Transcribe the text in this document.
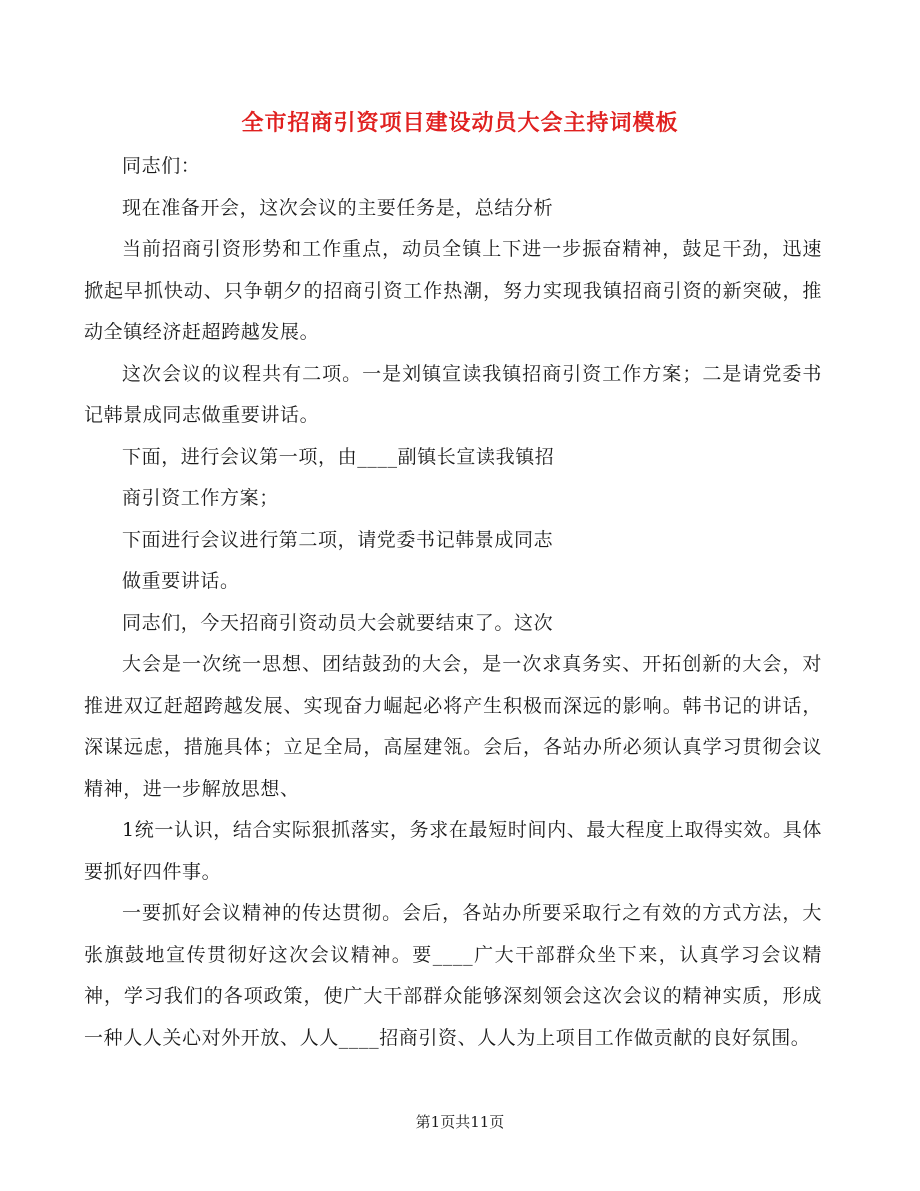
全市招商引资项目建设动员大会主持词模板

同志们：

现在准备开会，这次会议的主要任务是，总结分析

当前招商引资形势和工作重点，动员全镇上下进一步振奋精神，鼓足干劲，迅速掀起早抓快动、只争朝夕的招商引资工作热潮，努力实现我镇招商引资的新突破，推动全镇经济赶超跨越发展。

这次会议的议程共有二项。一是刘镇宣读我镇招商引资工作方案；二是请党委书记韩景成同志做重要讲话。

下面，进行会议第一项，由____副镇长宣读我镇招

商引资工作方案；

下面进行会议进行第二项，请党委书记韩景成同志

做重要讲话。

同志们，今天招商引资动员大会就要结束了。这次

大会是一次统一思想、团结鼓劲的大会，是一次求真务实、开拓创新的大会，对推进双辽赶超跨越发展、实现奋力崛起必将产生积极而深远的影响。韩书记的讲话，深谋远虑，措施具体；立足全局，高屋建瓴。会后，各站办所必须认真学习贯彻会议精神，进一步解放思想、

1统一认识，结合实际狠抓落实，务求在最短时间内、最大程度上取得实效。具体要抓好四件事。

一要抓好会议精神的传达贯彻。会后，各站办所要采取行之有效的方式方法，大张旗鼓地宣传贯彻好这次会议精神。要____广大干部群众坐下来，认真学习会议精神，学习我们的各项政策，使广大干部群众能够深刻领会这次会议的精神实质，形成一种人人关心对外开放、人人____招商引资、人人为上项目工作做贡献的良好氛围。

第1页共11页
